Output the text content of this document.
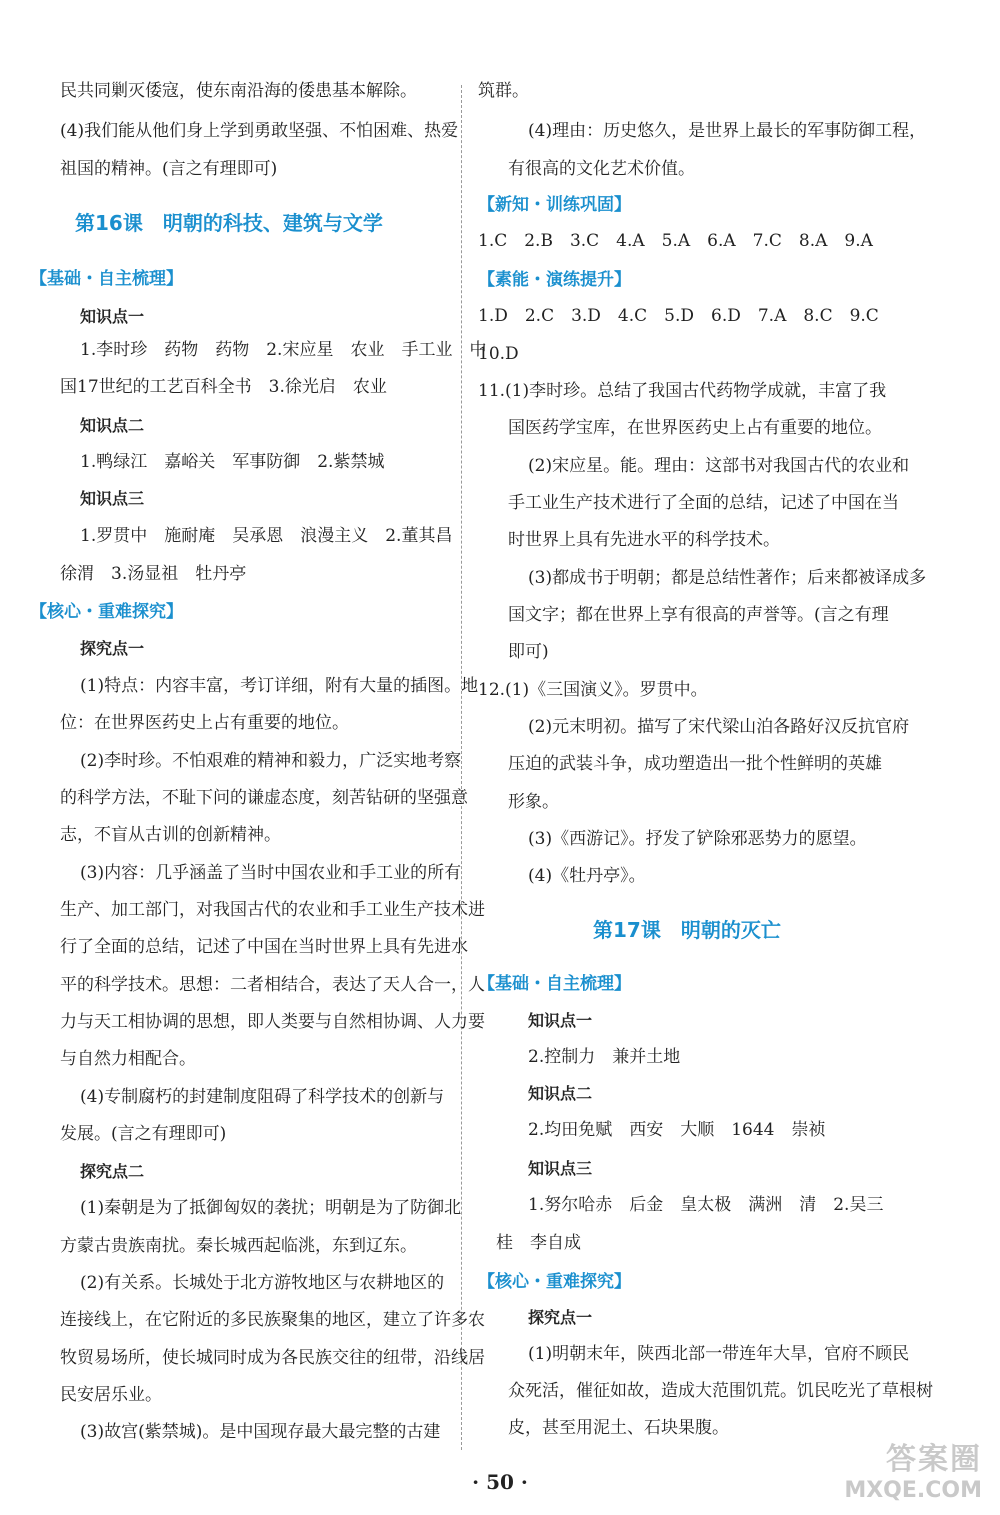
民共同剿灭倭寇，使东南沿海的倭患基本解除。
(4)我们能从他们身上学到勇敢坚强、不怕困难、热爱
祖国的精神。(言之有理即可)
第16课　明朝的科技、建筑与文学
【基础・自主梳理】
知识点一
1.李时珍　药物　药物　2.宋应星　农业　手工业　中
国17世纪的工艺百科全书　3.徐光启　农业
知识点二
1.鸭绿江　嘉峪关　军事防御　2.紫禁城
知识点三
1.罗贯中　施耐庵　吴承恩　浪漫主义　2.董其昌
徐渭　3.汤显祖　牡丹亭
【核心・重难探究】
探究点一
(1)特点：内容丰富，考订详细，附有大量的插图。地
位：在世界医药史上占有重要的地位。
(2)李时珍。不怕艰难的精神和毅力，广泛实地考察
的科学方法，不耻下问的谦虚态度，刻苦钻研的坚强意
志，不盲从古训的创新精神。
(3)内容：几乎涵盖了当时中国农业和手工业的所有
生产、加工部门，对我国古代的农业和手工业生产技术进
行了全面的总结，记述了中国在当时世界上具有先进水
平的科学技术。思想：二者相结合，表达了天人合一，人
力与天工相协调的思想，即人类要与自然相协调、人力要
与自然力相配合。
(4)专制腐朽的封建制度阻碍了科学技术的创新与
发展。(言之有理即可)
探究点二
(1)秦朝是为了抵御匈奴的袭扰；明朝是为了防御北
方蒙古贵族南扰。秦长城西起临洮，东到辽东。
(2)有关系。长城处于北方游牧地区与农耕地区的
连接线上，在它附近的多民族聚集的地区，建立了许多农
牧贸易场所，使长城同时成为各民族交往的纽带，沿线居
民安居乐业。
(3)故宫(紫禁城)。是中国现存最大最完整的古建
筑群。
(4)理由：历史悠久，是世界上最长的军事防御工程，
有很高的文化艺术价值。
【新知・训练巩固】
1.C　2.B　3.C　4.A　5.A　6.A　7.C　8.A　9.A
【素能・演练提升】
1.D　2.C　3.D　4.C　5.D　6.D　7.A　8.C　9.C
10.D
11.(1)李时珍。总结了我国古代药物学成就，丰富了我
国医药学宝库，在世界医药史上占有重要的地位。
(2)宋应星。能。理由：这部书对我国古代的农业和
手工业生产技术进行了全面的总结，记述了中国在当
时世界上具有先进水平的科学技术。
(3)都成书于明朝；都是总结性著作；后来都被译成多
国文字；都在世界上享有很高的声誉等。(言之有理
即可)
12.(1)《三国演义》。罗贯中。
(2)元末明初。描写了宋代梁山泊各路好汉反抗官府
压迫的武装斗争，成功塑造出一批个性鲜明的英雄
形象。
(3)《西游记》。抒发了铲除邪恶势力的愿望。
(4)《牡丹亭》。
第17课　明朝的灭亡
【基础・自主梳理】
知识点一
2.控制力　兼并土地
知识点二
2.均田免赋　西安　大顺　1644　崇祯
知识点三
1.努尔哈赤　后金　皇太极　满洲　清　2.吴三
桂　李自成
【核心・重难探究】
探究点一
(1)明朝末年，陕西北部一带连年大旱，官府不顾民
众死活，催征如故，造成大范围饥荒。饥民吃光了草根树
皮，甚至用泥土、石块果腹。
· 50 ·
答案圈
MXQE.COM
